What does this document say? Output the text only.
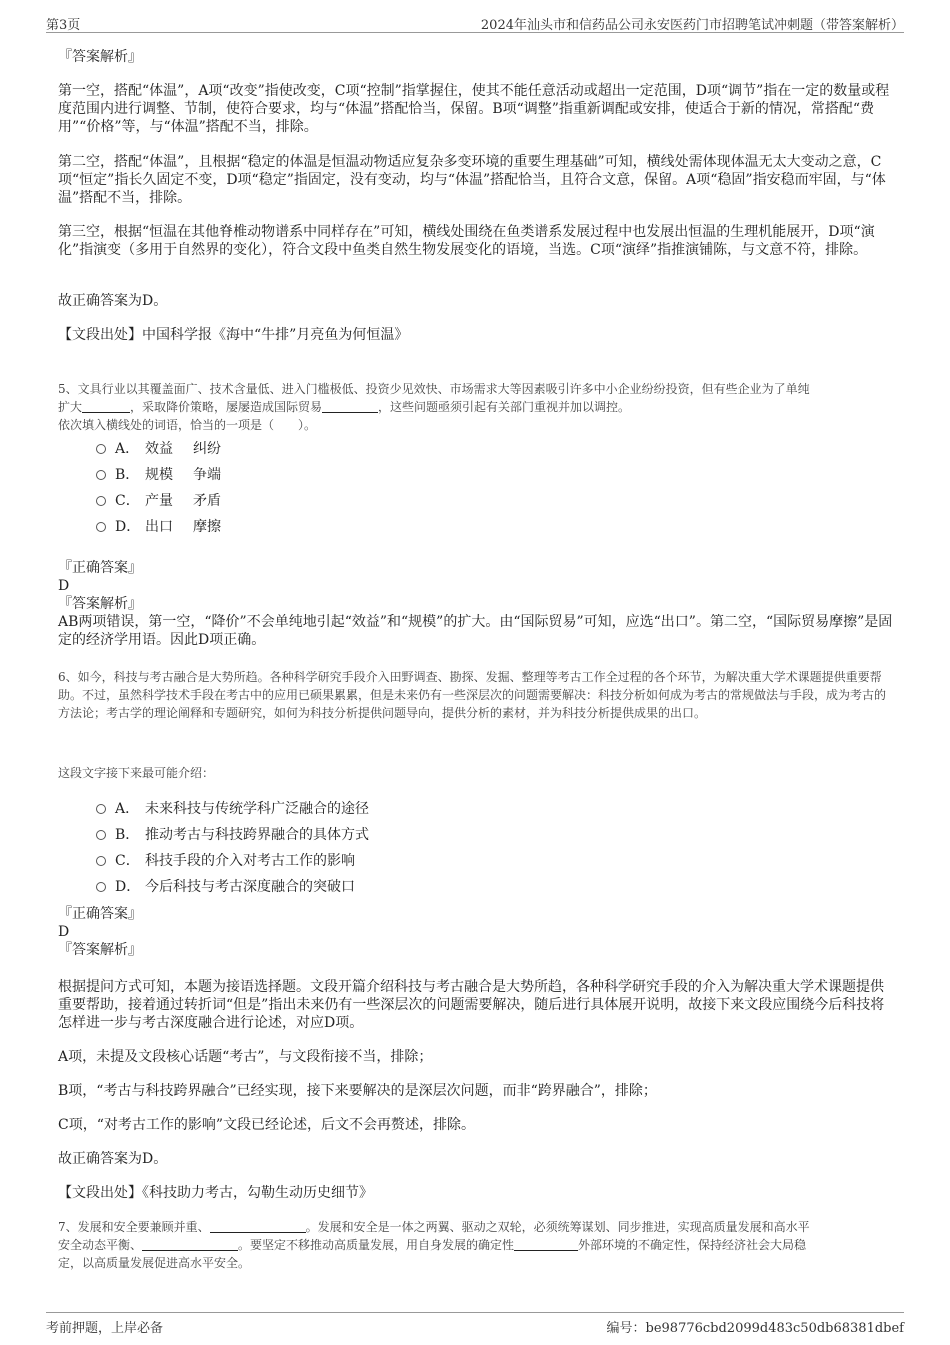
第3页	2024年汕头市和信药品公司永安医药门市招聘笔试冲刺题（带答案解析）

『答案解析』

第一空，搭配“体温”，A项“改变”指使改变，C项“控制”指掌握住，使其不能任意活动或超出一定范围，D项“调节”指在一定的数量或程度范围内进行调整、节制，使符合要求，均与“体温”搭配恰当，保留。B项“调整”指重新调配或安排，使适合于新的情况，常搭配“费用”“价格”等，与“体温”搭配不当，排除。

第二空，搭配“体温”，且根据“稳定的体温是恒温动物适应复杂多变环境的重要生理基础”可知，横线处需体现体温无太大变动之意，C项“恒定”指长久固定不变，D项“稳定”指固定，没有变动，均与“体温”搭配恰当，且符合文意，保留。A项“稳固”指安稳而牢固，与“体温”搭配不当，排除。

第三空，根据“恒温在其他脊椎动物谱系中同样存在”可知，横线处围绕在鱼类谱系发展过程中也发展出恒温的生理机能展开，D项“演化”指演变（多用于自然界的变化），符合文段中鱼类自然生物发展变化的语境，当选。C项“演绎”指推演铺陈，与文意不符，排除。

故正确答案为D。

【文段出处】中国科学报《海中“牛排”月亮鱼为何恒温》

5、文具行业以其覆盖面广、技术含量低、进入门槛极低、投资少见效快、市场需求大等因素吸引许多中小企业纷纷投资，但有些企业为了单纯

扩大	，采取降价策略，屡屡造成国际贸易	，这些问题亟须引起有关部门重视并加以调控。

依次填入横线处的词语，恰当的一项是（　　）。

A． 效益 纠纷
B． 规模 争端
C． 产量 矛盾
D． 出口 摩擦

『正确答案』

D

『答案解析』

AB两项错误，第一空，“降价”不会单纯地引起“效益”和“规模”的扩大。由“国际贸易”可知，应选“出口”。第二空，“国际贸易摩擦”是固定的经济学用语。因此D项正确。

6、如今，科技与考古融合是大势所趋。各种科学研究手段介入田野调查、勘探、发掘、整理等考古工作全过程的各个环节，为解决重大学术课题提供重要帮助。不过，虽然科学技术手段在考古中的应用已硕果累累，但是未来仍有一些深层次的问题需要解决：科技分析如何成为考古的常规做法与手段，成为考古的方法论；考古学的理论阐释和专题研究，如何为科技分析提供问题导向，提供分析的素材，并为科技分析提供成果的出口。

这段文字接下来最可能介绍：

A． 未来科技与传统学科广泛融合的途径
B． 推动考古与科技跨界融合的具体方式
C． 科技手段的介入对考古工作的影响
D． 今后科技与考古深度融合的突破口

『正确答案』

D

『答案解析』

根据提问方式可知，本题为接语选择题。文段开篇介绍科技与考古融合是大势所趋，各种科学研究手段的介入为解决重大学术课题提供重要帮助，接着通过转折词“但是”指出未来仍有一些深层次的问题需要解决，随后进行具体展开说明，故接下来文段应围绕今后科技将怎样进一步与考古深度融合进行论述，对应D项。

A项，未提及文段核心话题“考古”，与文段衔接不当，排除；

B项，“考古与科技跨界融合”已经实现，接下来要解决的是深层次问题，而非“跨界融合”，排除；

C项，“对考古工作的影响”文段已经论述，后文不会再赘述，排除。

故正确答案为D。

【文段出处】《科技助力考古，勾勒生动历史细节》

7、发展和安全要兼顾并重、	。发展和安全是一体之两翼、驱动之双轮，必须统筹谋划、同步推进，实现高质量发展和高水平

安全动态平衡、	。要坚定不移推动高质量发展，用自身发展的确定性	外部环境的不确定性，保持经济社会大局稳

定，以高质量发展促进高水平安全。

考前押题，上岸必备	编号：be98776cbd2099d483c50db68381dbef
